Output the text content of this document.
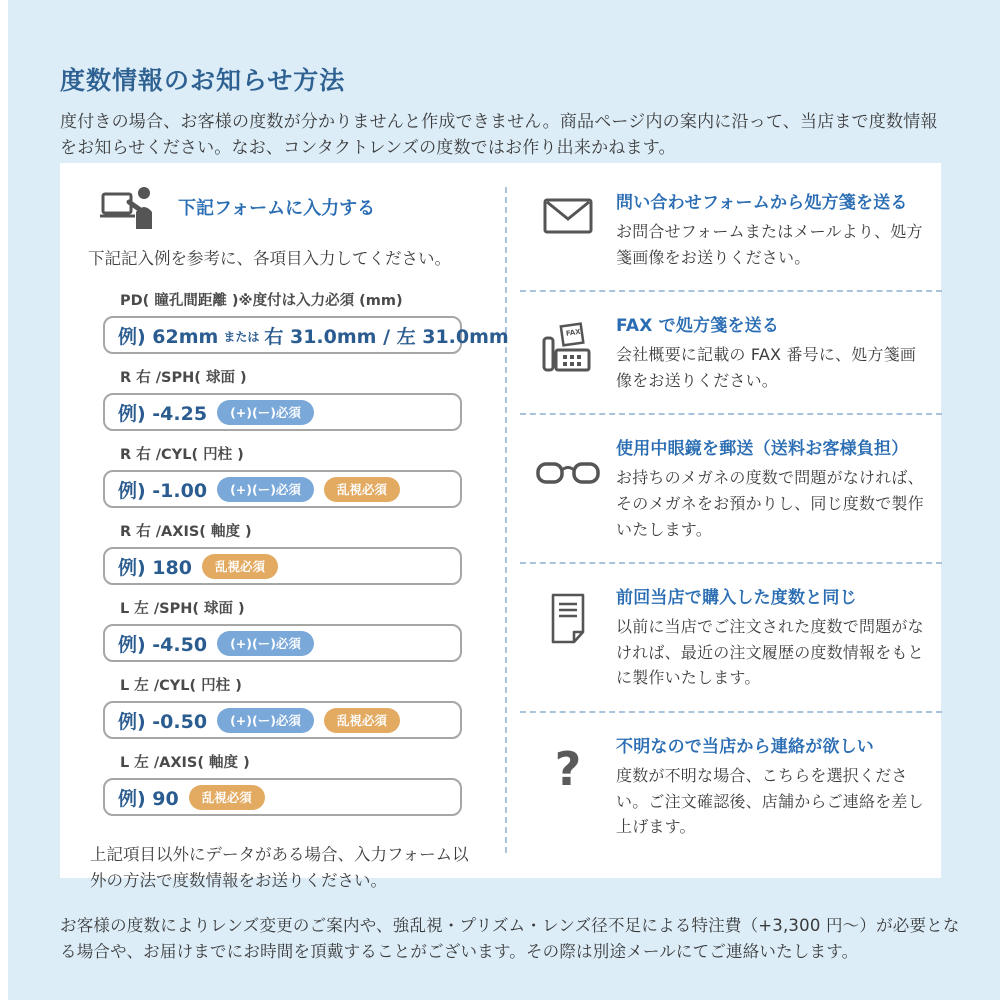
度数情報のお知らせ方法

度付きの場合、お客様の度数が分かりませんと作成できません。商品ページ内の案内に沿って、当店まで度数情報をお知らせください。なお、コンタクトレンズの度数ではお作り出来かねます。

下記フォームに入力する

下記記入例を参考に、各項目入力してください。

PD( 瞳孔間距離 )※度付は入力必須 (mm)
例) 62mm または 右 31.0mm / 左 31.0mm
R 右 /SPH( 球面 )
例) -4.25	(+)(ー)必須
R 右 /CYL( 円柱 )
例) -1.00	(+)(ー)必須	乱視必須
R 右 /AXIS( 軸度 )
例) 180	乱視必須
L 左 /SPH( 球面 )
例) -4.50	(+)(ー)必須
L 左 /CYL( 円柱 )
例) -0.50	(+)(ー)必須	乱視必須
L 左 /AXIS( 軸度 )
例) 90	乱視必須

上記項目以外にデータがある場合、入力フォーム以外の方法で度数情報をお送りください。

問い合わせフォームから処方箋を送る
お問合せフォームまたはメールより、処方箋画像をお送りください。
FAX FAX で処方箋を送る
会社概要に記載の FAX 番号に、処方箋画像をお送りください。
使用中眼鏡を郵送（送料お客様負担）
お持ちのメガネの度数で問題がなければ、そのメガネをお預かりし、同じ度数で製作いたします。
前回当店で購入した度数と同じ
以前に当店でご注文された度数で問題がなければ、最近の注文履歴の度数情報をもとに製作いたします。
? 不明なので当店から連絡が欲しい
度数が不明な場合、こちらを選択ください。ご注文確認後、店舗からご連絡を差し上げます。

お客様の度数によりレンズ変更のご案内や、強乱視・プリズム・レンズ径不足による特注費（+3,300 円～）が必要となる場合や、お届けまでにお時間を頂戴することがございます。その際は別途メールにてご連絡いたします。
